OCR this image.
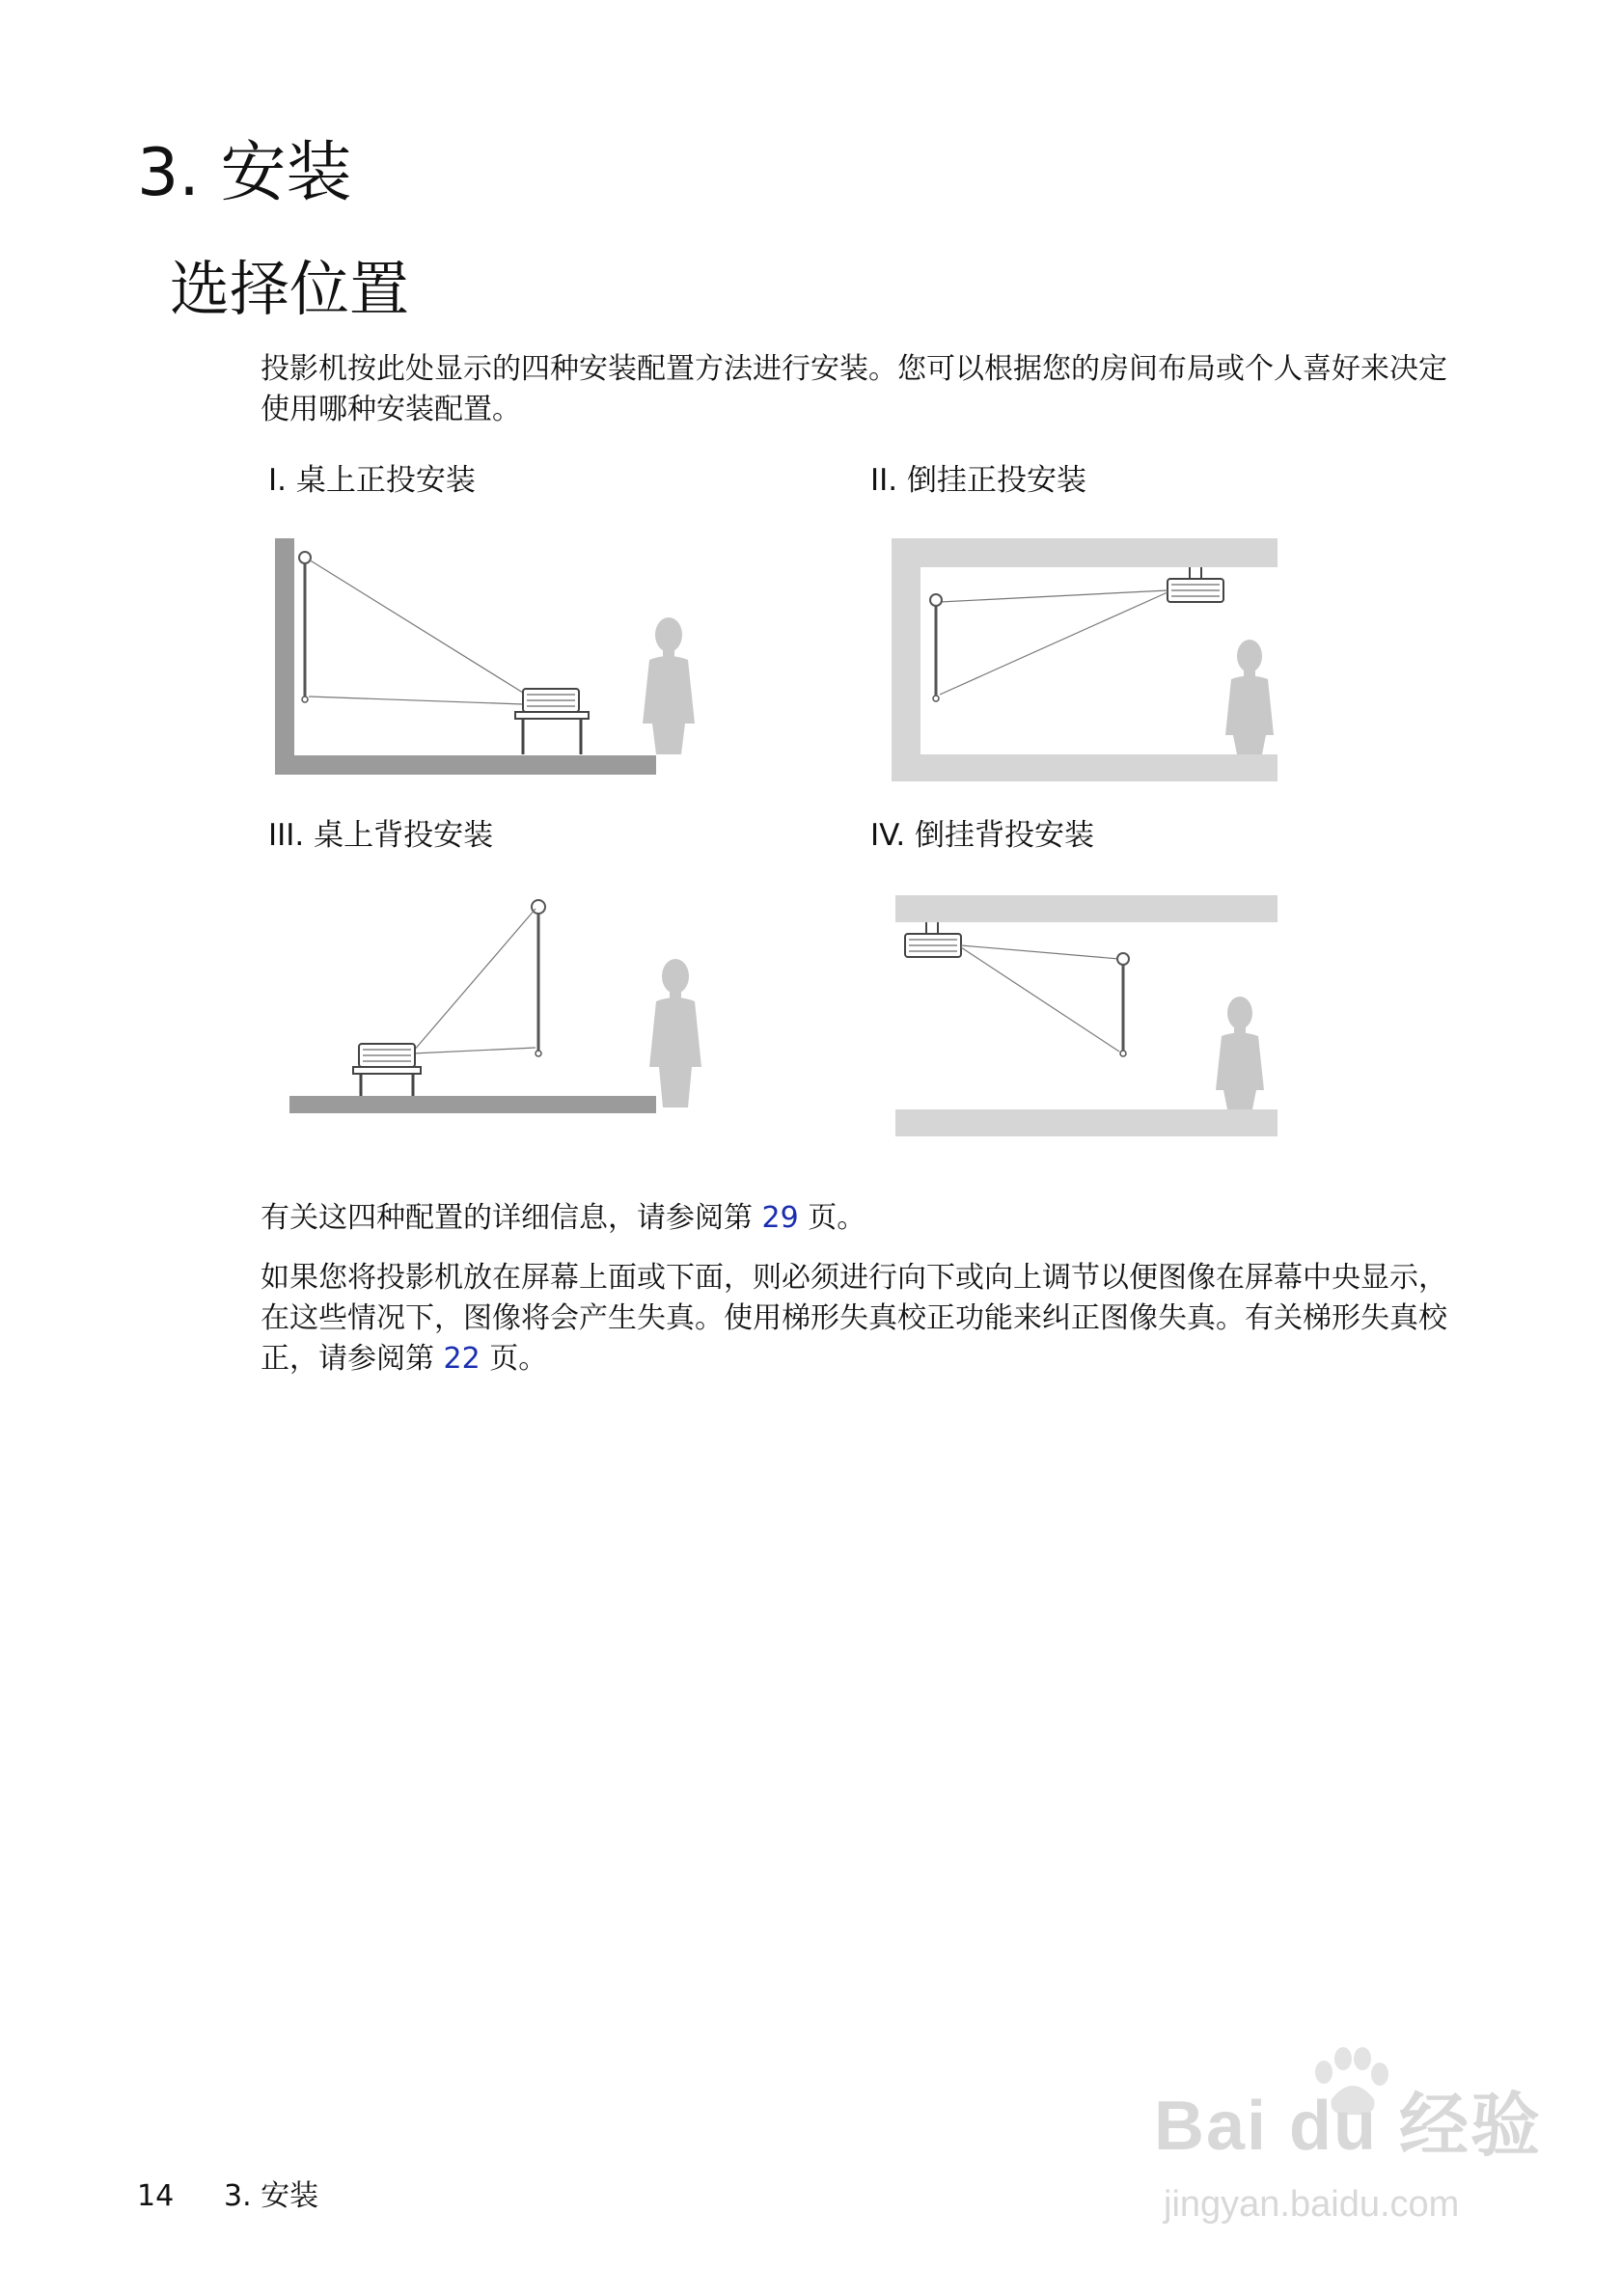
3. 安装
选择位置

投影机按此处显示的四种安装配置方法进行安装。您可以根据您的房间布局或个人喜好来决定使用哪种安装配置。

I. 桌上正投安装	II. 倒挂正投安装
III. 桌上背投安装	IV. 倒挂背投安装

有关这四种配置的详细信息，请参阅第 29 页。

如果您将投影机放在屏幕上面或下面，则必须进行向下或向上调节以便图像在屏幕中央显示，在这些情况下，图像将会产生失真。使用梯形失真校正功能来纠正图像失真。有关梯形失真校正，请参阅第 22 页。

Bai du 经验
jingyan.baidu.com
14 3. 安装
